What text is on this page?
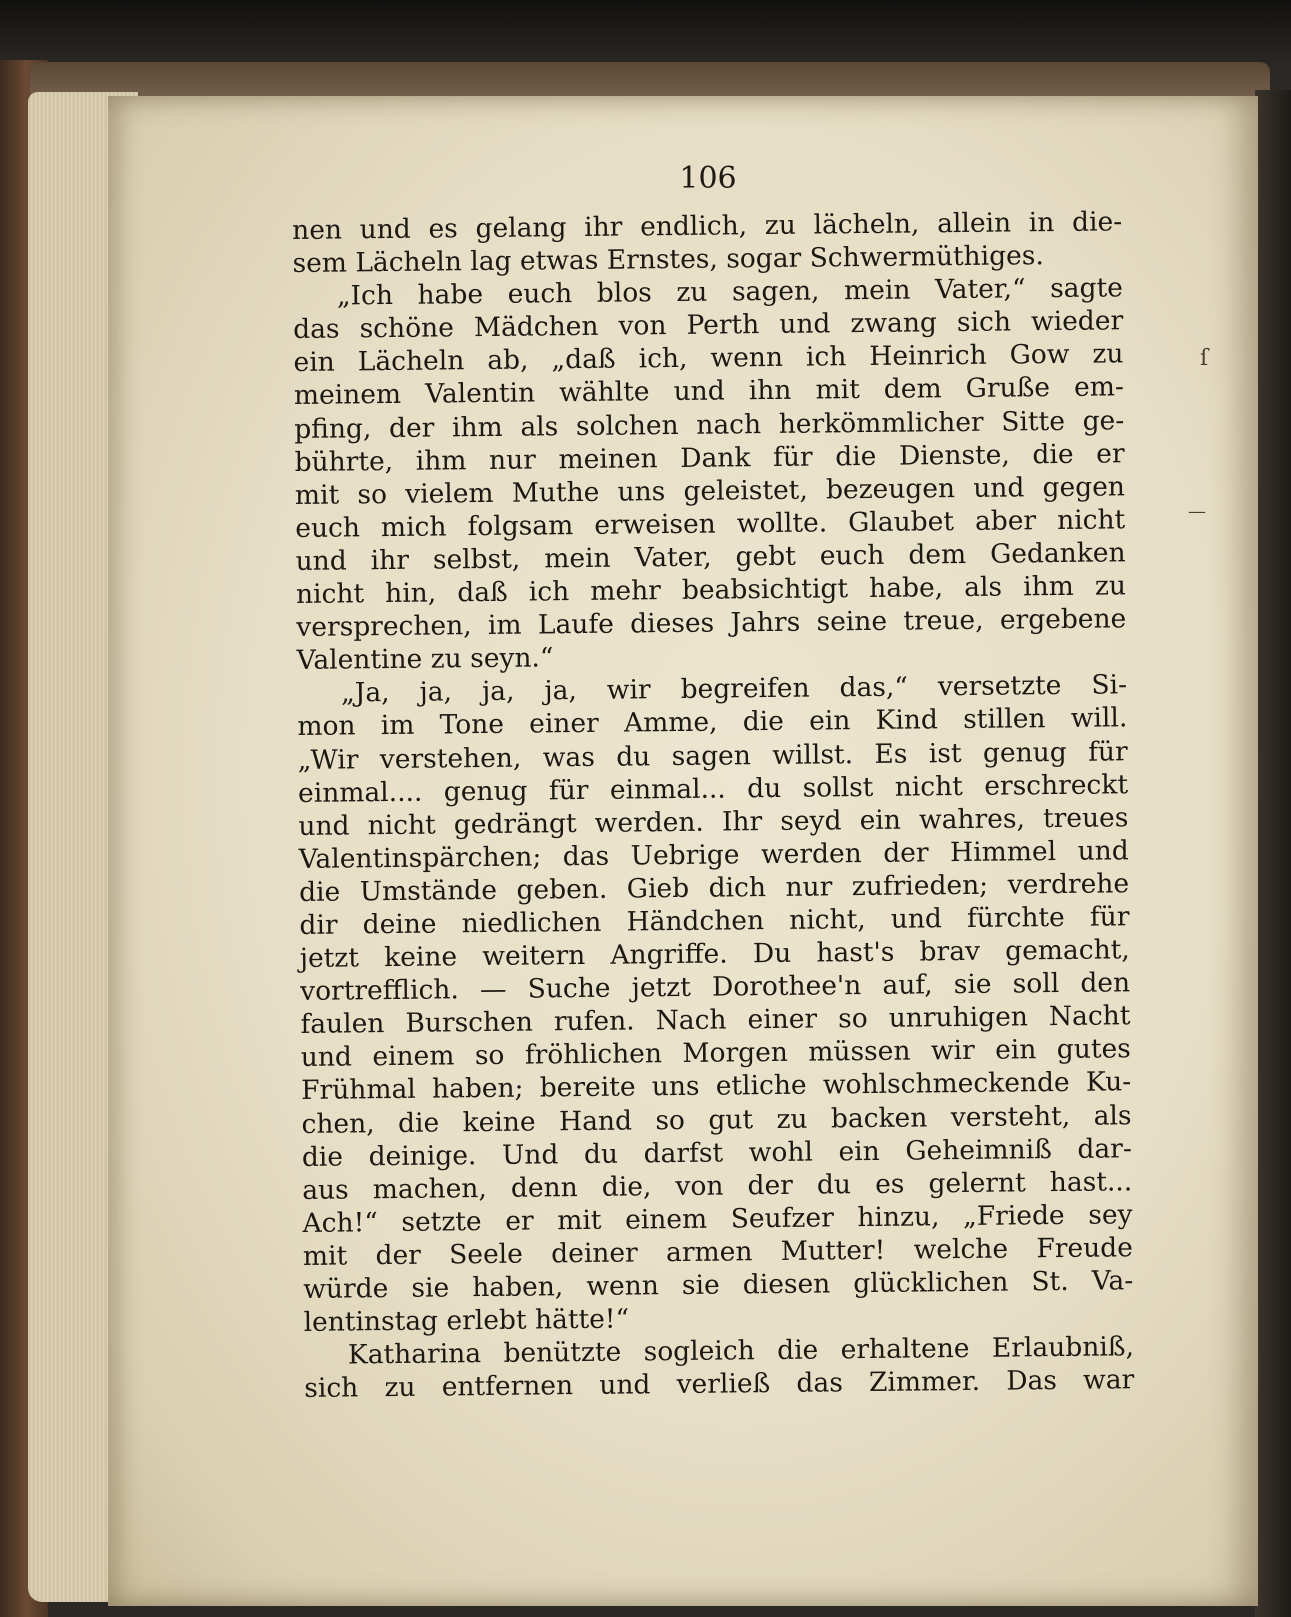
106
ſ
—
nen und es gelang ihr endlich, zu lächeln, allein in die-
sem Lächeln lag etwas Ernstes, sogar Schwermüthiges.
„Ich habe euch blos zu sagen, mein Vater,“ sagte
das schöne Mädchen von Perth und zwang sich wieder
ein Lächeln ab, „daß ich, wenn ich Heinrich Gow zu
meinem Valentin wählte und ihn mit dem Gruße em-
pfing, der ihm als solchen nach herkömmlicher Sitte ge-
bührte, ihm nur meinen Dank für die Dienste, die er
mit so vielem Muthe uns geleistet, bezeugen und gegen
euch mich folgsam erweisen wollte. Glaubet aber nicht
und ihr selbst, mein Vater, gebt euch dem Gedanken
nicht hin, daß ich mehr beabsichtigt habe, als ihm zu
versprechen, im Laufe dieses Jahrs seine treue, ergebene
Valentine zu seyn.“
„Ja, ja, ja, ja, wir begreifen das,“ versetzte Si-
mon im Tone einer Amme, die ein Kind stillen will.
„Wir verstehen, was du sagen willst. Es ist genug für
einmal.... genug für einmal... du sollst nicht erschreckt
und nicht gedrängt werden. Ihr seyd ein wahres, treues
Valentinspärchen; das Uebrige werden der Himmel und
die Umstände geben. Gieb dich nur zufrieden; verdrehe
dir deine niedlichen Händchen nicht, und fürchte für
jetzt keine weitern Angriffe. Du hast's brav gemacht,
vortrefflich. — Suche jetzt Dorothee'n auf, sie soll den
faulen Burschen rufen. Nach einer so unruhigen Nacht
und einem so fröhlichen Morgen müssen wir ein gutes
Frühmal haben; bereite uns etliche wohlschmeckende Ku-
chen, die keine Hand so gut zu backen versteht, als
die deinige. Und du darfst wohl ein Geheimniß dar-
aus machen, denn die, von der du es gelernt hast...
Ach!“ setzte er mit einem Seufzer hinzu, „Friede sey
mit der Seele deiner armen Mutter! welche Freude
würde sie haben, wenn sie diesen glücklichen St. Va-
lentinstag erlebt hätte!“
Katharina benützte sogleich die erhaltene Erlaubniß,
sich zu entfernen und verließ das Zimmer. Das war
